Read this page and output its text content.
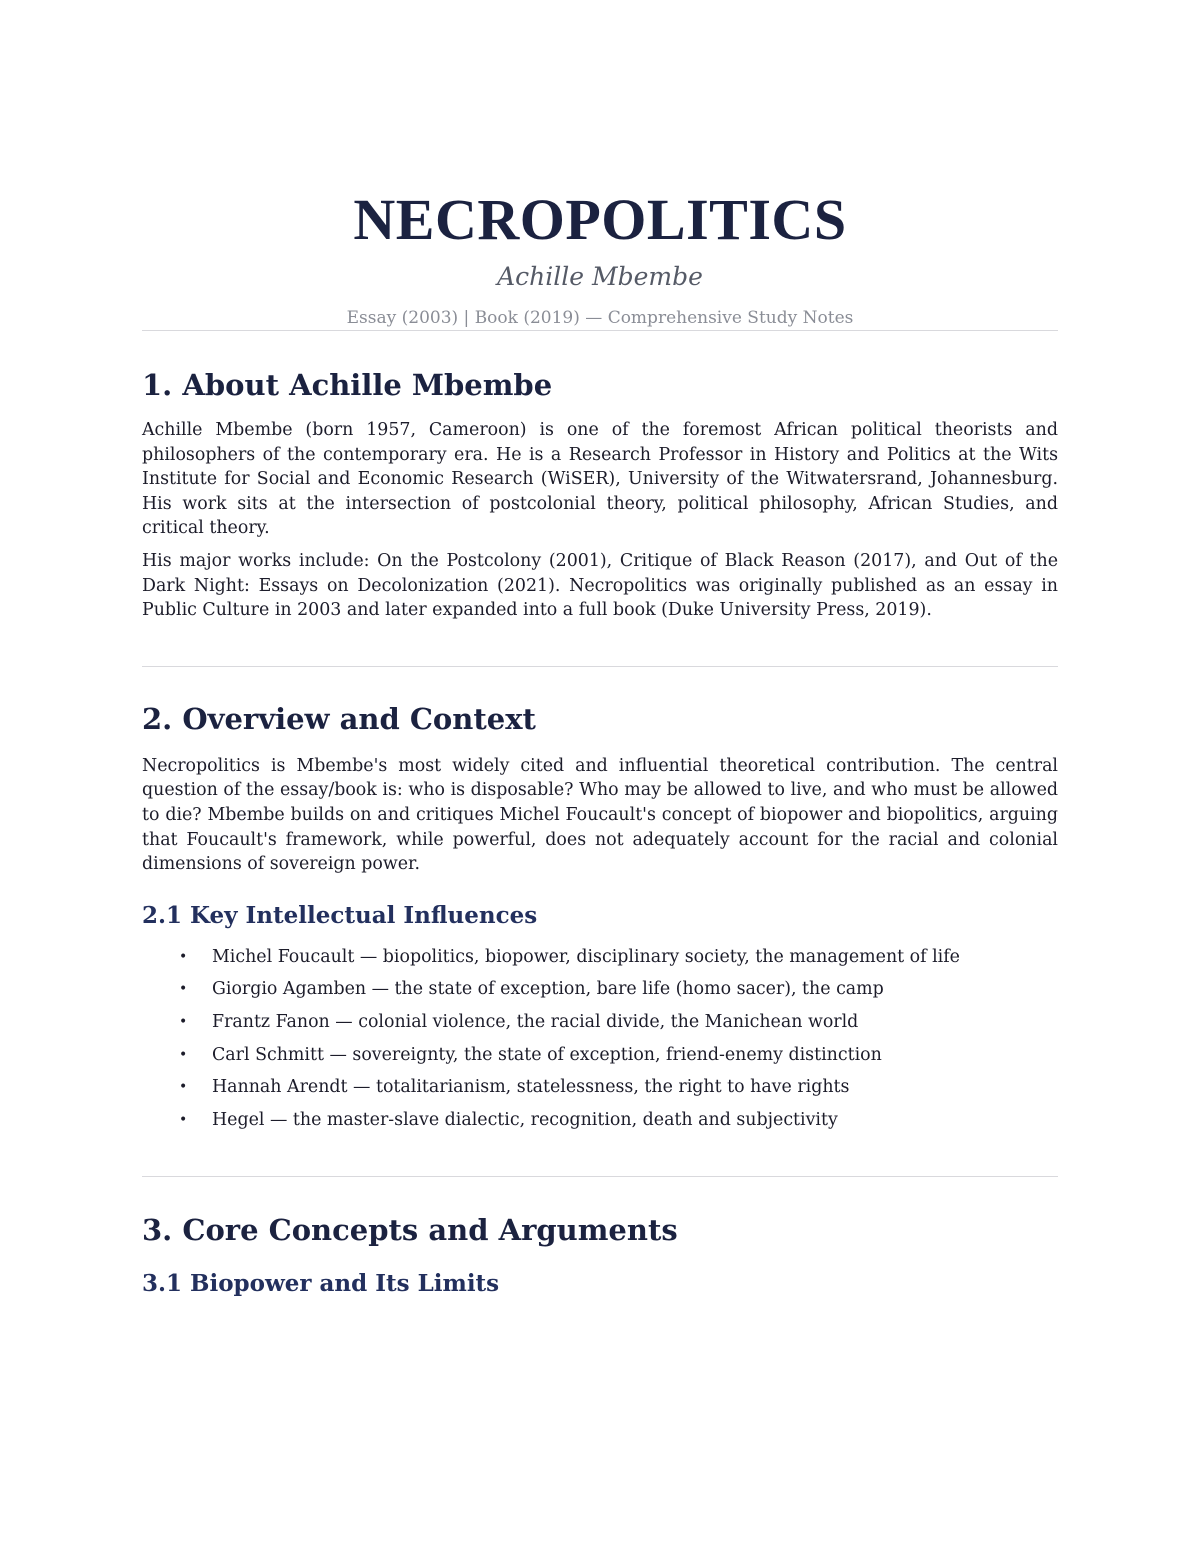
NECROPOLITICS
Achille Mbembe
Essay (2003) | Book (2019) — Comprehensive Study Notes
1. About Achille Mbembe

Achille Mbembe (born 1957, Cameroon) is one of the foremost African political theorists and philosophers of the contemporary era. He is a Research Professor in History and Politics at the Wits Institute for Social and Economic Research (WiSER), University of the Witwatersrand, Johannesburg. His work sits at the intersection of postcolonial theory, political philosophy, African Studies, and critical theory.

His major works include: On the Postcolony (2001), Critique of Black Reason (2017), and Out of the Dark Night: Essays on Decolonization (2021). Necropolitics was originally published as an essay in Public Culture in 2003 and later expanded into a full book (Duke University Press, 2019).

2. Overview and Context

Necropolitics is Mbembe's most widely cited and influential theoretical contribution. The central question of the essay/book is: who is disposable? Who may be allowed to live, and who must be allowed to die? Mbembe builds on and critiques Michel Foucault's concept of biopower and biopolitics, arguing that Foucault's framework, while powerful, does not adequately account for the racial and colonial dimensions of sovereign power.

2.1 Key Intellectual Influences
• Michel Foucault — biopolitics, biopower, disciplinary society, the management of life
• Giorgio Agamben — the state of exception, bare life (homo sacer), the camp
• Frantz Fanon — colonial violence, the racial divide, the Manichean world
• Carl Schmitt — sovereignty, the state of exception, friend-enemy distinction
• Hannah Arendt — totalitarianism, statelessness, the right to have rights
• Hegel — the master-slave dialectic, recognition, death and subjectivity
3. Core Concepts and Arguments
3.1 Biopower and Its Limits
